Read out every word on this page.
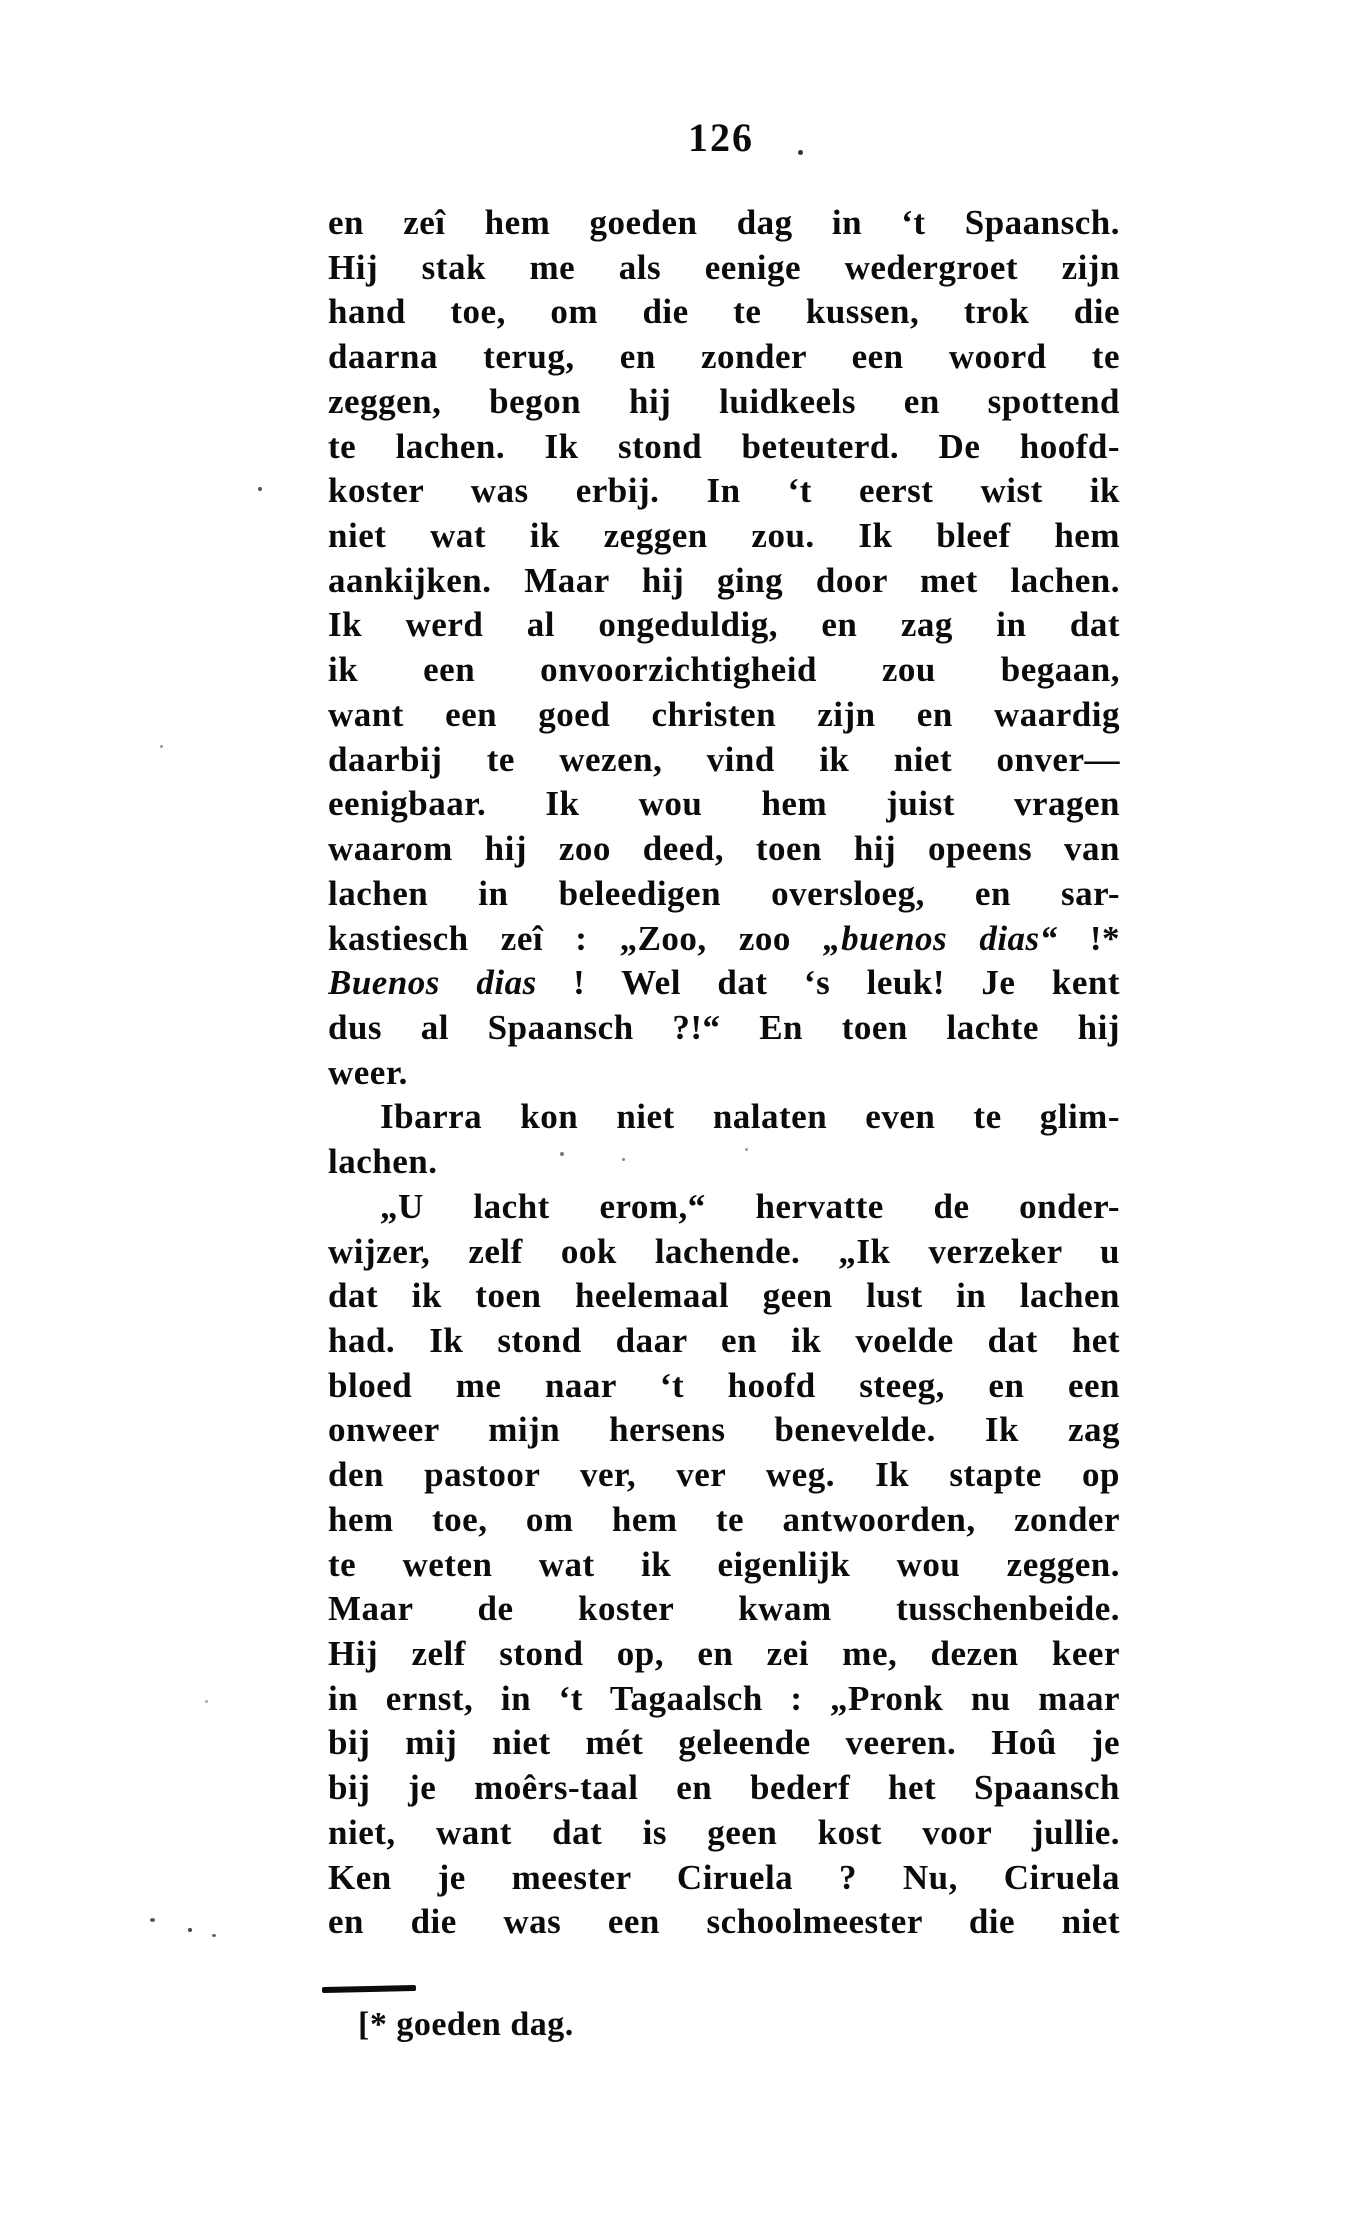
126
en zeî hem goeden dag in ‘t Spaansch.
Hij stak me als eenige wedergroet zijn
hand toe, om die te kussen, trok die
daarna terug, en zonder een woord te
zeggen, begon hij luidkeels en spottend
te lachen. Ik stond beteuterd. De hoofd-
koster was erbij. In ‘t eerst wist ik
niet wat ik zeggen zou. Ik bleef hem
aankijken. Maar hij ging door met lachen.
Ik werd al ongeduldig, en zag in dat
ik een onvoorzichtigheid zou begaan,
want een goed christen zijn en waardig
daarbij te wezen, vind ik niet onver—
eenigbaar. Ik wou hem juist vragen
waarom hij zoo deed, toen hij opeens van
lachen in beleedigen oversloeg, en sar-
kastiesch zeî : „Zoo, zoo „buenos dias“ !*
Buenos dias ! Wel dat ‘s leuk! Je kent
dus al Spaansch ?!“ En toen lachte hij
weer.
Ibarra kon niet nalaten even te glim-
lachen.
„U lacht erom,“ hervatte de onder-
wijzer, zelf ook lachende. „Ik verzeker u
dat ik toen heelemaal geen lust in lachen
had. Ik stond daar en ik voelde dat het
bloed me naar ‘t hoofd steeg, en een
onweer mijn hersens benevelde. Ik zag
den pastoor ver, ver weg. Ik stapte op
hem toe, om hem te antwoorden, zonder
te weten wat ik eigenlijk wou zeggen.
Maar de koster kwam tusschenbeide.
Hij zelf stond op, en zei me, dezen keer
in ernst, in ‘t Tagaalsch : „Pronk nu maar
bij mij niet mét geleende veeren. Hoû je
bij je moêrs-taal en bederf het Spaansch
niet, want dat is geen kost voor jullie.
Ken je meester Ciruela ? Nu, Ciruela
en die was een schoolmeester die niet
[* goeden dag.
